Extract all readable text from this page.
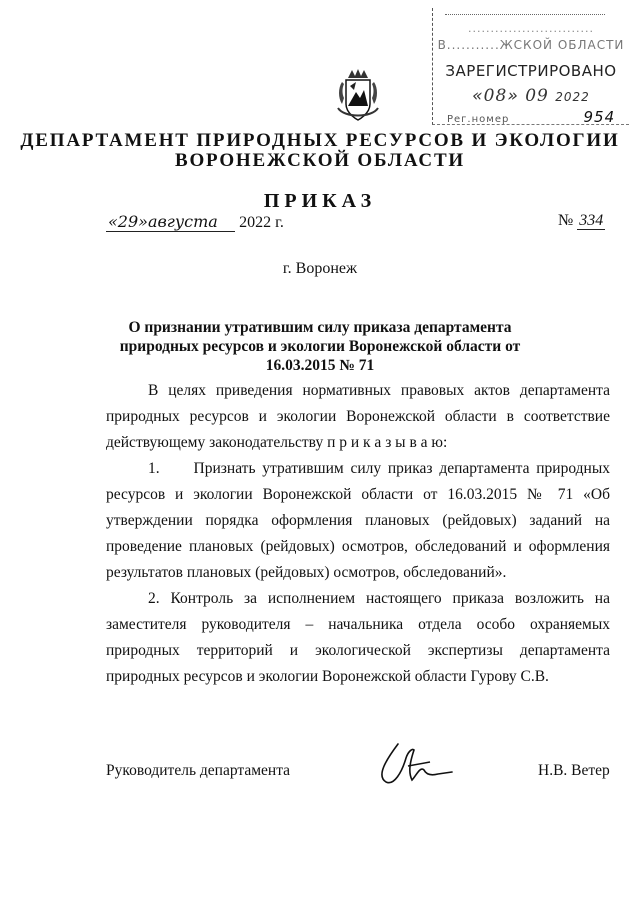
............................
В...........ЖСКОЙ ОБЛАСТИ
ЗАРЕГИСТРИРОВАНО
«08» 09 2022
Рег.номер	954
ДЕПАРТАМЕНТ ПРИРОДНЫХ РЕСУРСОВ И ЭКОЛОГИИ
ВОРОНЕЖСКОЙ ОБЛАСТИ
ПРИКАЗ
«29»августа 2022 г.	№ 334
г. Воронеж
О признании утратившим силу приказа департамента природных ресурсов и экологии Воронежской области от 16.03.2015 № 71

В целях приведения нормативных правовых актов департамента природных ресурсов и экологии Воронежской области в соответствие действующему законодательству п р и к а з ы в а ю:

1.     Признать утратившим силу приказ департамента природных ресурсов и экологии Воронежской области от 16.03.2015 № 71 «Об утверждении порядка оформления плановых (рейдовых) заданий на проведение плановых (рейдовых) осмотров, обследований и оформления результатов плановых (рейдовых) осмотров, обследований».

2. Контроль за исполнением настоящего приказа возложить на заместителя руководителя – начальника отдела особо охраняемых природных территорий и экологической экспертизы департамента природных ресурсов и экологии Воронежской области Гурову С.В.

Руководитель департамента	Н.В. Ветер
